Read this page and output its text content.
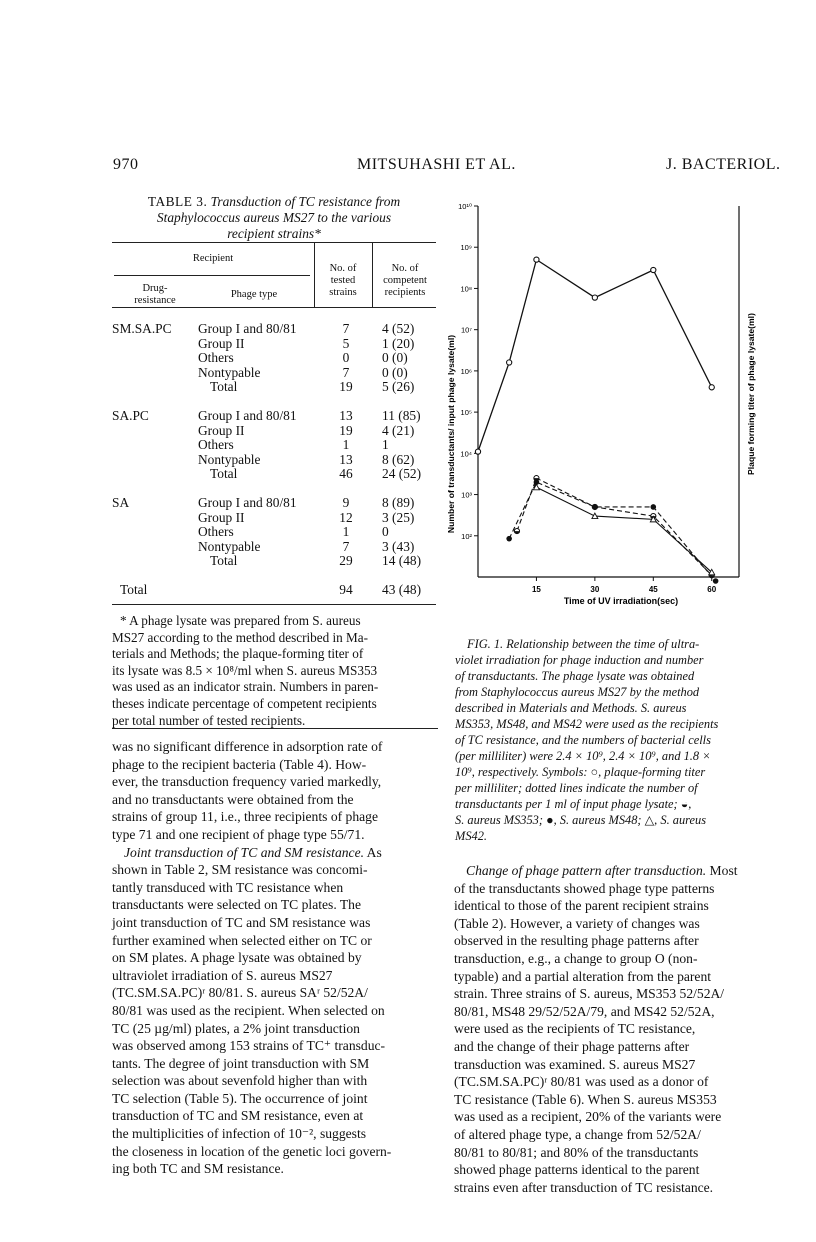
970	MITSUHASHI ET AL.	J. BACTERIOL.
TABLE 3. Transduction of TC resistance from
Staphylococcus aureus MS27 to the various
recipient strains*
Recipient
Drug-
resistance
Phage type
No. of
tested
strains
No. of
competent
recipients
SM.SA.PC	Group I and 80/81	7	4 (52)
	Group II	5	1 (20)
	Others	0	0 (0)
	Nontypable	7	0 (0)
	Total	19	5 (26)

SA.PC	Group I and 80/81	13	11 (85)
	Group II	19	4 (21)
	Others	1	1
	Nontypable	13	8 (62)
	Total	46	24 (52)

SA	Group I and 80/81	9	8 (89)
	Group II	12	3 (25)
	Others	1	0
	Nontypable	7	3 (43)
	Total	29	14 (48)

Total		94	43 (48)
* A phage lysate was prepared from S. aureus
MS27 according to the method described in Ma-
terials and Methods; the plaque-forming titer of
its lysate was 8.5 × 10⁸/ml when S. aureus MS353
was used as an indicator strain. Numbers in paren-
theses indicate percentage of competent recipients
per total number of tested recipients.
was no significant difference in adsorption rate of
phage to the recipient bacteria (Table 4). How-
ever, the transduction frequency varied markedly,
and no transductants were obtained from the
strains of group 11, i.e., three recipients of phage
type 71 and one recipient of phage type 55/71.
Joint transduction of TC and SM resistance. As
shown in Table 2, SM resistance was concomi-
tantly transduced with TC resistance when
transductants were selected on TC plates. The
joint transduction of TC and SM resistance was
further examined when selected either on TC or
on SM plates. A phage lysate was obtained by
ultraviolet irradiation of S. aureus MS27
(TC.SM.SA.PC)ʳ 80/81. S. aureus SAʳ 52/52A/
80/81 was used as the recipient. When selected on
TC (25 µg/ml) plates, a 2% joint transduction
was observed among 153 strains of TC⁺ transduc-
tants. The degree of joint transduction with SM
selection was about sevenfold higher than with
TC selection (Table 5). The occurrence of joint
transduction of TC and SM resistance, even at
the multiplicities of infection of 10⁻², suggests
the closeness in location of the genetic loci govern-
ing both TC and SM resistance.
10¹⁰
10⁹
10⁸
10⁷
10⁶
10⁵
10⁴
10³
10²
15	30	45	60
Number of transductants/ input phage lysate(ml)	Plaque forming titer of phage lysate(ml)
Time of UV irradiation(sec)
FIG. 1. Relationship between the time of ultra-
violet irradiation for phage induction and number
of transductants. The phage lysate was obtained
from Staphylococcus aureus MS27 by the method
described in Materials and Methods. S. aureus
MS353, MS48, and MS42 were used as the recipients
of TC resistance, and the numbers of bacterial cells
(per milliliter) were 2.4 × 10⁹, 2.4 × 10⁹, and 1.8 ×
10⁹, respectively. Symbols: ○, plaque-forming titer
per milliliter; dotted lines indicate the number of
transductants per 1 ml of input phage lysate; ◒,
S. aureus MS353; ●, S. aureus MS48; △, S. aureus
MS42.
Change of phage pattern after transduction. Most
of the transductants showed phage type patterns
identical to those of the parent recipient strains
(Table 2). However, a variety of changes was
observed in the resulting phage patterns after
transduction, e.g., a change to group O (non-
typable) and a partial alteration from the parent
strain. Three strains of S. aureus, MS353 52/52A/
80/81, MS48 29/52/52A/79, and MS42 52/52A,
were used as the recipients of TC resistance,
and the change of their phage patterns after
transduction was examined. S. aureus MS27
(TC.SM.SA.PC)ʳ 80/81 was used as a donor of
TC resistance (Table 6). When S. aureus MS353
was used as a recipient, 20% of the variants were
of altered phage type, a change from 52/52A/
80/81 to 80/81; and 80% of the transductants
showed phage patterns identical to the parent
strains even after transduction of TC resistance.
